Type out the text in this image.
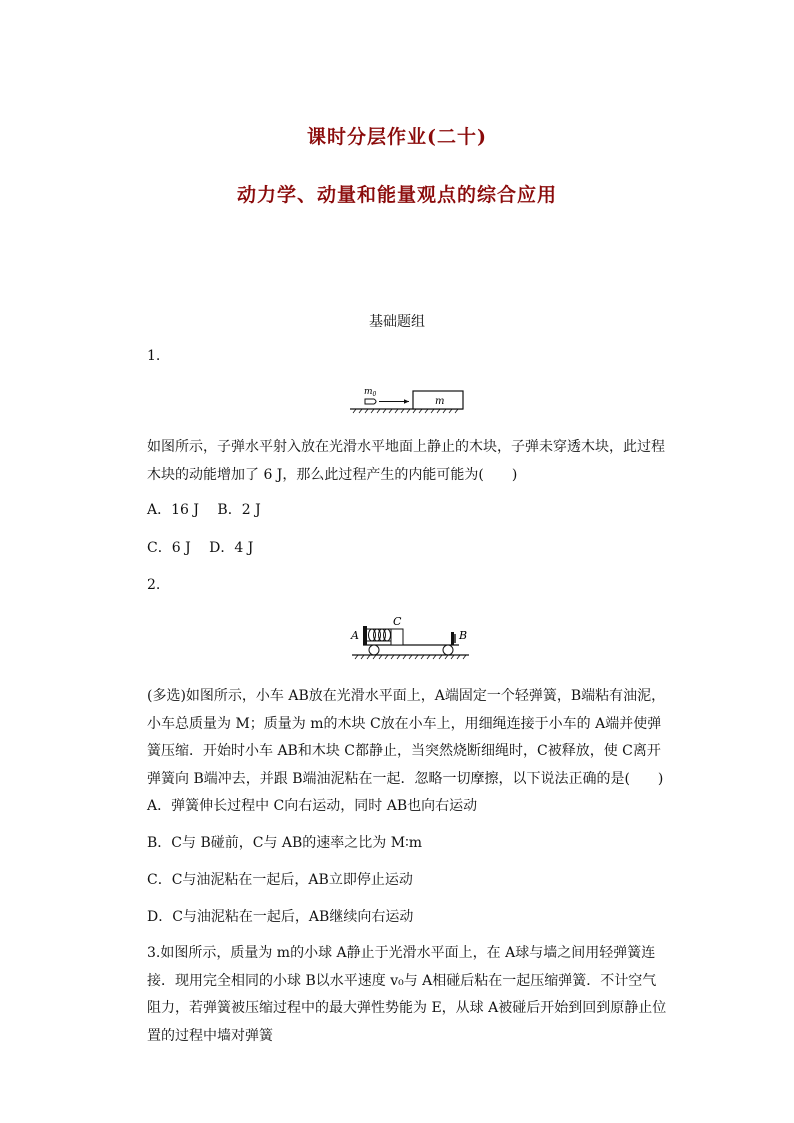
课时分层作业(二十)
动力学、动量和能量观点的综合应用
基础题组
1.
$m_0$
m
如图所示，子弹水平射入放在光滑水平地面上静止的木块，子弹未穿透木块，此过程木块的动能增加了 6 J，那么此过程产生的内能可能为(　　)
A．16 J　 B．2 J
C．6 J　 D．4 J
2.
A
C
B
(多选)如图所示，小车 AB放在光滑水平面上，A端固定一个轻弹簧，B端粘有油泥，小车总质量为 M；质量为 m的木块 C放在小车上，用细绳连接于小车的 A端并使弹簧压缩．开始时小车 AB和木块 C都静止，当突然烧断细绳时，C被释放，使 C离开弹簧向 B端冲去，并跟 B端油泥粘在一起．忽略一切摩擦，以下说法正确的是(　　)
A．弹簧伸长过程中 C向右运动，同时 AB也向右运动
B．C与 B碰前，C与 AB的速率之比为 M∶m
C．C与油泥粘在一起后，AB立即停止运动
D．C与油泥粘在一起后，AB继续向右运动
3.如图所示，质量为 m的小球 A静止于光滑水平面上，在 A球与墙之间用轻弹簧连接．现用完全相同的小球 B以水平速度 v₀与 A相碰后粘在一起压缩弹簧．不计空气阻力，若弹簧被压缩过程中的最大弹性势能为 E，从球 A被碰后开始到回到原静止位置的过程中墙对弹簧
